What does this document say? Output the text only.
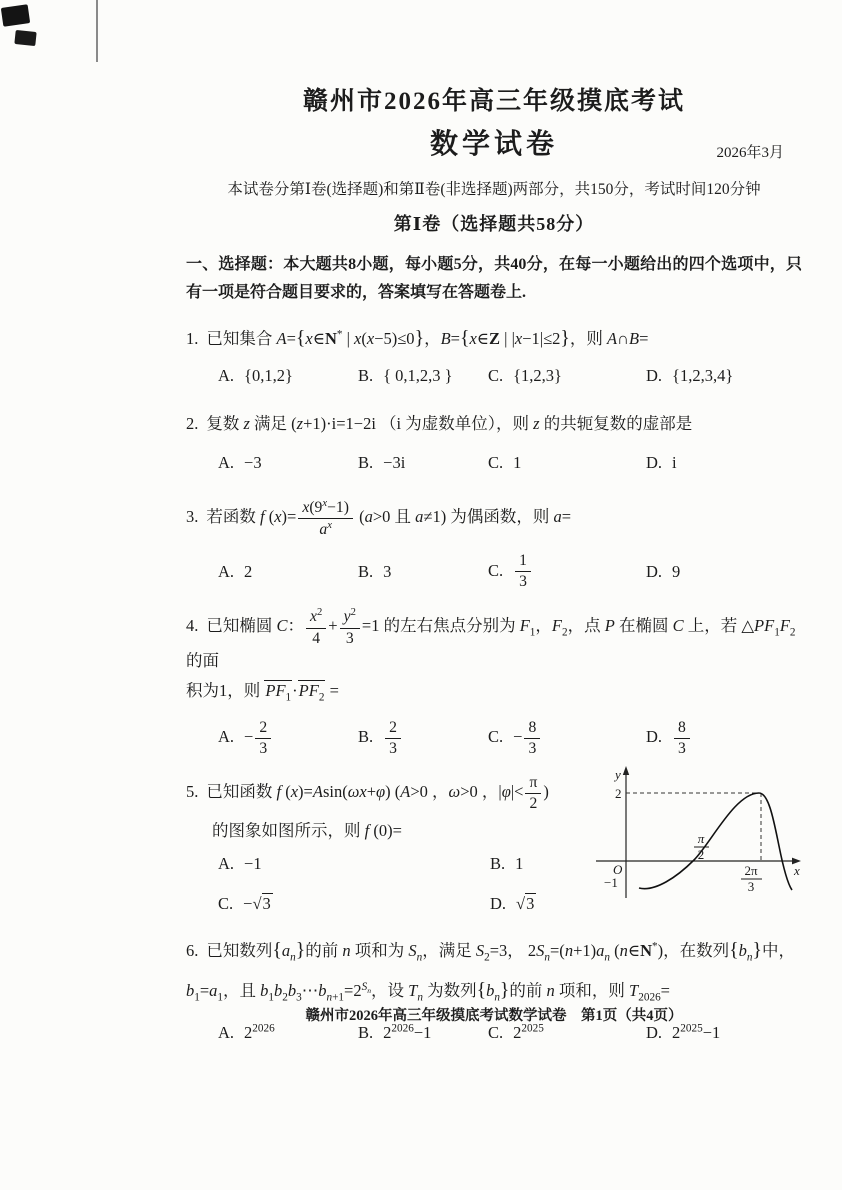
赣州市2026年高三年级摸底考试
数学试卷	2026年3月

本试卷分第Ⅰ卷(选择题)和第Ⅱ卷(非选择题)两部分，共150分，考试时间120分钟

第Ⅰ卷（选择题共58分）

一、选择题：本大题共8小题，每小题5分，共40分，在每一小题给出的四个选项中，只有一项是符合题目要求的，答案填写在答题卷上.

1. 已知集合 A={x∈N* | x(x−5)≤0}，B={x∈Z | |x−1|≤2}，则 A∩B=
A. {0,1,2}	B. { 0,1,2,3 }	C. {1,2,3}	D. {1,2,3,4}
2. 复数 z 满足 (z+1)·i=1−2i （i 为虚数单位），则 z 的共轭复数的虚部是
A. −3	B. −3i	C. 1	D. i
3. 若函数 f $(x)= \frac{x(9^x-1)}{a^x} (a>0$ 且 a≠1) 为偶函数，则 a=
A. 2	B. 3	C. $\frac{1}{3}$	D. 9
4. 已知椭圆 C： $\frac{x^2}{4} + \frac{y^2}{3} =1$ 的左右焦点分别为 $F_1$，$F_2$，点 P 在椭圆 C 上，若 $\triangle PF_1F_2$ 的面
积为1，则 $PF_1\cdot PF_2$ =
A. − $\frac{2}{3}$	B. $\frac{2}{3}$	C. − $\frac{8}{3}$	D. $\frac{8}{3}$
5. 已知函数 f (x)=Asin(ωx+φ) (A>0 ，ω>0 ，$|\varphi|< \frac{\pi}{2}$ )
的图象如图所示，则 f (0)=
A. −1	B. 1
C. −√3	D. √3
y
x
O
2
−1
π
2
2π
3
6. 已知数列$\{a_n\}$的前 n 项和为 $S_n$，满足 $S_2=3$， $2S_n=(n+1)a_n$ (n∈N*)，在数列$\{b_n\}$中，
$b_1=a_1$，且 $b_1b_2b_3\cdots b_{n+1}=2^{S_n}$，设 $T_n$ 为数列$\{b_n\}$的前 n 项和，则 $T_{2026}=$
A. $2^{2026}$	B. $2^{2026}-1$	C. $2^{2025}$	D. $2^{2025}-1$
赣州市2026年高三年级摸底考试数学试卷　第1页（共4页）
